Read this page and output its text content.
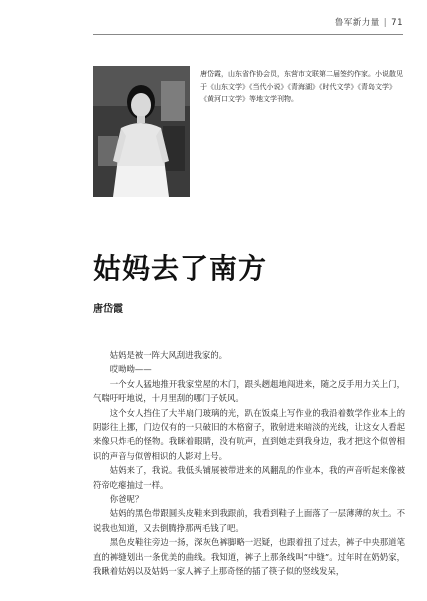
鲁军新力量 | 71
唐岱霞，山东省作协会员，东营市文联第二届签约作家。小说散见于《山东文学》《当代小说》《青海湖》《时代文学》《青岛文学》《黄河口文学》等地文学刊物。
姑妈去了南方
唐岱霞

姑妈是被一阵大风刮进我家的。

哎呦呦——

一个女人猛地推开我家堂屋的木门，跟头趔趄地闯进来，随之反手用力关上门，气喘吁吁地说，十月里刮的哪门子妖风。

这个女人挡住了大半扇门玻璃的光，趴在饭桌上写作业的我沿着数学作业本上的阴影往上挪，门边仅有的一只破旧的木格窗子，散射进来暗淡的光线，让这女人看起来像只炸毛的怪物。我眯着眼睛，没有吭声，直到她走到我身边，我才把这个似曾相识的声音与似曾相识的人影对上号。

姑妈来了，我说。我低头铺展被带进来的风翻乱的作业本，我的声音听起来像被符帝吃瘪抽过一样。

你爸呢？

姑妈的黑色带跟圆头皮鞋来到我跟前，我看到鞋子上面落了一层薄薄的灰土。不说我也知道，又去倒腾挣那两毛钱了吧。

黑色皮鞋往旁边一扬，深灰色裤脚略一迟疑，也跟着扭了过去，裤子中央那道笔直的裤缝划出一条优美的曲线。我知道，裤子上那条线叫“中缝”。过年时在奶奶家，我瞅着姑妈以及姑妈一家人裤子上那奇怪的插了筷子似的竖线发呆，
